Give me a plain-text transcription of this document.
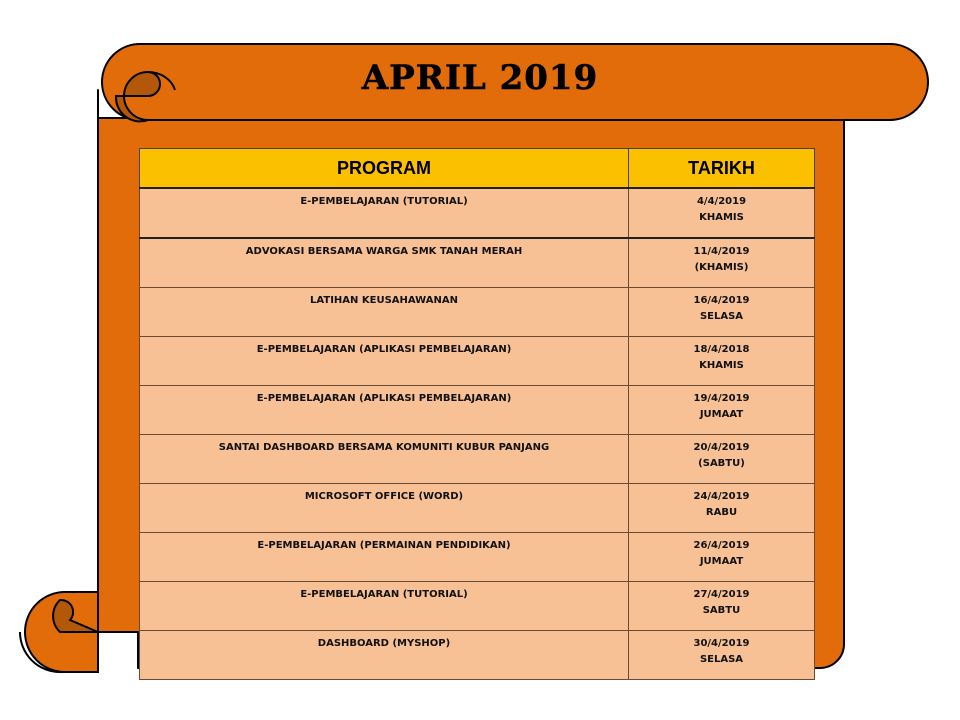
APRIL 2019
PROGRAM	TARIKH

E-PEMBELAJARAN (TUTORIAL)	4/4/2019
KHAMIS

ADVOKASI BERSAMA WARGA SMK TANAH MERAH	11/4/2019
(KHAMIS)

LATIHAN KEUSAHAWANAN	16/4/2019
SELASA

E-PEMBELAJARAN (APLIKASI PEMBELAJARAN)	18/4/2018
KHAMIS

E-PEMBELAJARAN (APLIKASI PEMBELAJARAN)	19/4/2019
JUMAAT

SANTAI DASHBOARD BERSAMA KOMUNITI KUBUR PANJANG	20/4/2019
(SABTU)

MICROSOFT OFFICE (WORD)	24/4/2019
RABU

E-PEMBELAJARAN (PERMAINAN PENDIDIKAN)	26/4/2019
JUMAAT

E-PEMBELAJARAN (TUTORIAL)	27/4/2019
SABTU

DASHBOARD (MYSHOP)	30/4/2019
SELASA
